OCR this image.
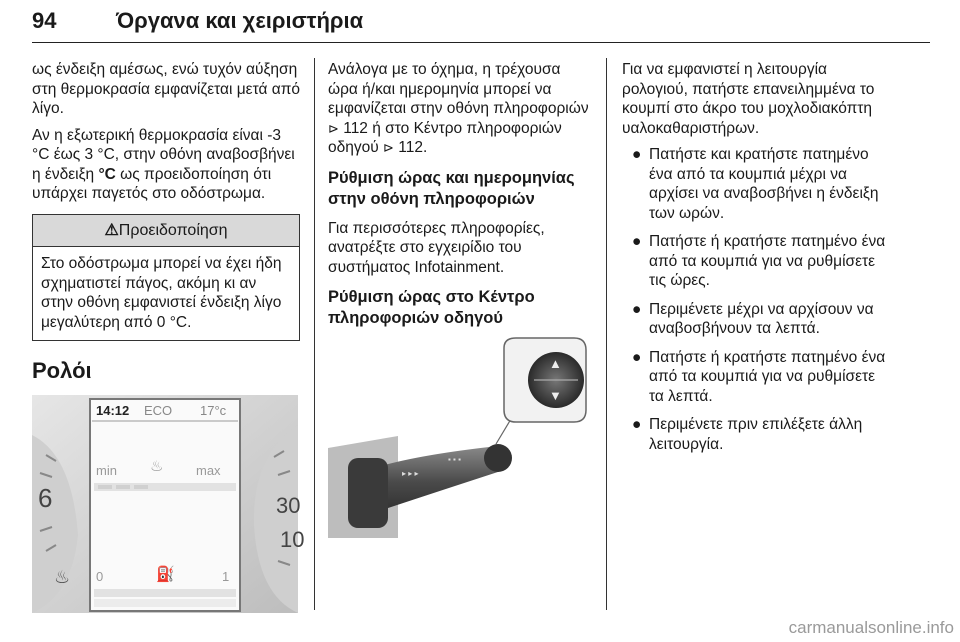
94	Όργανα και χειριστήρια

ως ένδειξη αμέσως, ενώ τυχόν αύξηση στη θερμοκρασία εμφανίζεται μετά από λίγο.

Αν η εξωτερική θερμοκρασία είναι -3 °C έως 3 °C, στην οθόνη αναβοσβήνει η ένδειξη °C ως προειδοποίηση ότι υπάρχει παγετός στο οδόστρωμα.

⚠Προειδοποίηση
Στο οδόστρωμα μπορεί να έχει ήδη σχηματιστεί πάγος, ακόμη κι αν στην οθόνη εμφανιστεί ένδειξη λίγο μεγαλύτερη από 0 °C.
Ρολόι
6	30
10
♨
14:12 ECO 17°c
min	max
♨
0	1
⛽

Ανάλογα με το όχημα, η τρέχουσα ώρα ή/και ημερομηνία μπορεί να εμφανίζεται στην οθόνη πληροφοριών ⊳ 112 ή στο Κέντρο πληροφοριών οδηγού ⊳ 112.

Ρύθμιση ώρας και ημερομηνίας στην οθόνη πληροφοριών

Για περισσότερες πληροφορίες, ανατρέξτε στο εγχειρίδιο του συστήματος Infotainment.

Ρύθμιση ώρας στο Κέντρο πληροφοριών οδηγού
▸ ▸ ▸
▪ ▪ ▪
▲
▼

Για να εμφανιστεί η λειτουργία ρολογιού, πατήστε επανειλημμένα το κουμπί στο άκρο του μοχλοδιακόπτη υαλοκαθαριστήρων.

● Πατήστε και κρατήστε πατημένο ένα από τα κουμπιά μέχρι να αρχίσει να αναβοσβήνει η ένδειξη των ωρών.
● Πατήστε ή κρατήστε πατημένο ένα από τα κουμπιά για να ρυθμίσετε τις ώρες.
● Περιμένετε μέχρι να αρχίσουν να αναβοσβήνουν τα λεπτά.
● Πατήστε ή κρατήστε πατημένο ένα από τα κουμπιά για να ρυθμίσετε τα λεπτά.
● Περιμένετε πριν επιλέξετε άλλη λειτουργία.
carmanualsonline.info
